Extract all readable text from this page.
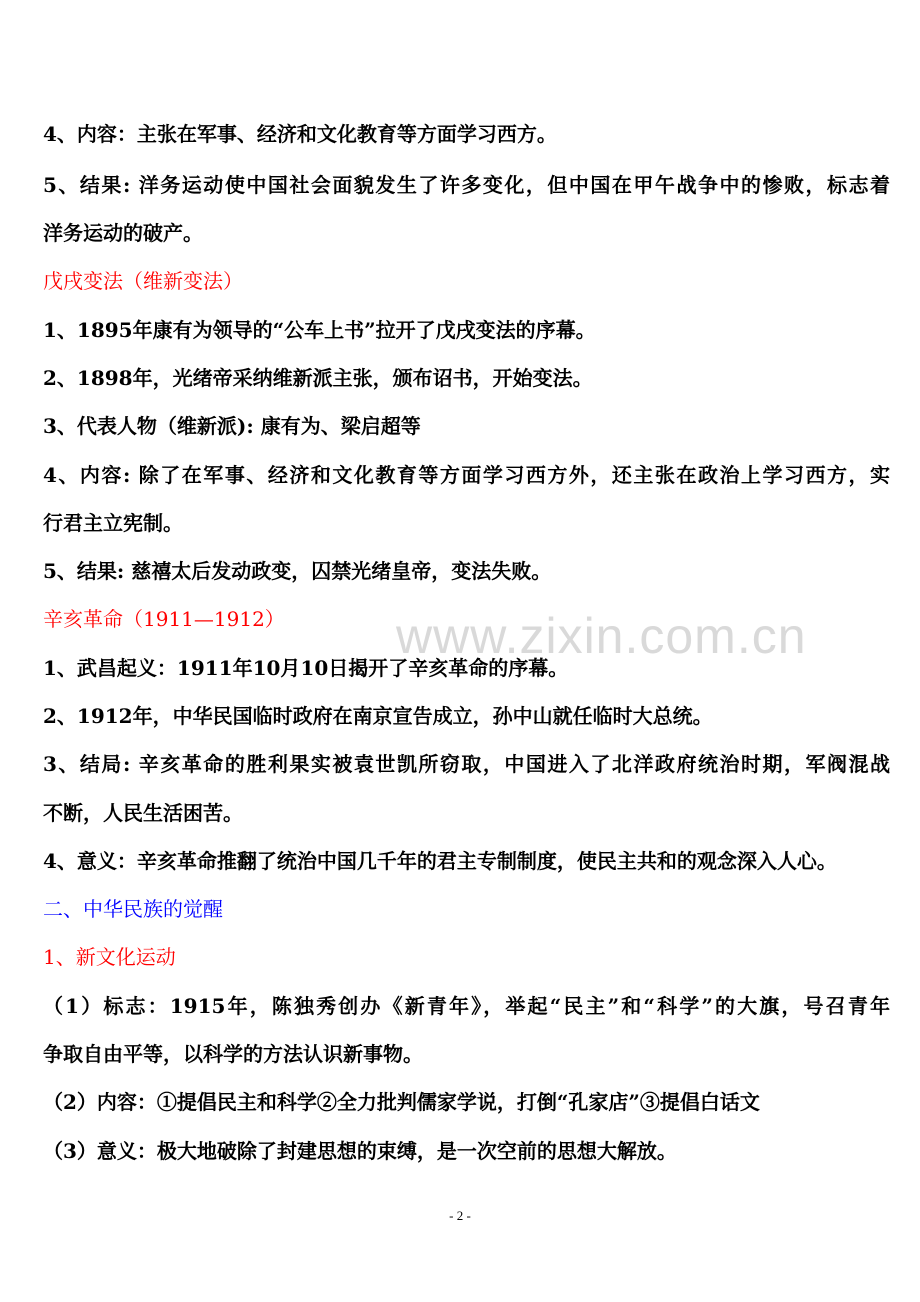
www.zixin.com.cn
4、内容：主张在军事、经济和文化教育等方面学习西方。
5、结果: 洋务运动使中国社会面貌发生了许多变化，但中国在甲午战争中的惨败，标志着
洋务运动的破产。
戊戌变法（维新变法）
1、1895年康有为领导的“公车上书”拉开了戊戌变法的序幕。
2、1898年，光绪帝采纳维新派主张，颁布诏书，开始变法。
3、代表人物（维新派): 康有为、梁启超等
4、内容: 除了在军事、经济和文化教育等方面学习西方外，还主张在政治上学习西方，实
行君主立宪制。
5、结果: 慈禧太后发动政变，囚禁光绪皇帝，变法失败。
辛亥革命（1911—1912）
1、武昌起义：1911年10月10日揭开了辛亥革命的序幕。
2、1912年，中华民国临时政府在南京宣告成立，孙中山就任临时大总统。
3、结局: 辛亥革命的胜利果实被袁世凯所窃取，中国进入了北洋政府统治时期，军阀混战
不断，人民生活困苦。
4、意义：辛亥革命推翻了统治中国几千年的君主专制制度，使民主共和的观念深入人心。
二、中华民族的觉醒
1、新文化运动
（1）标志：1915年，陈独秀创办《新青年》，举起“民主”和“科学”的大旗，号召青年
争取自由平等，以科学的方法认识新事物。
（2）内容：①提倡民主和科学②全力批判儒家学说，打倒“孔家店”③提倡白话文
（3）意义：极大地破除了封建思想的束缚，是一次空前的思想大解放。
- 2 -
